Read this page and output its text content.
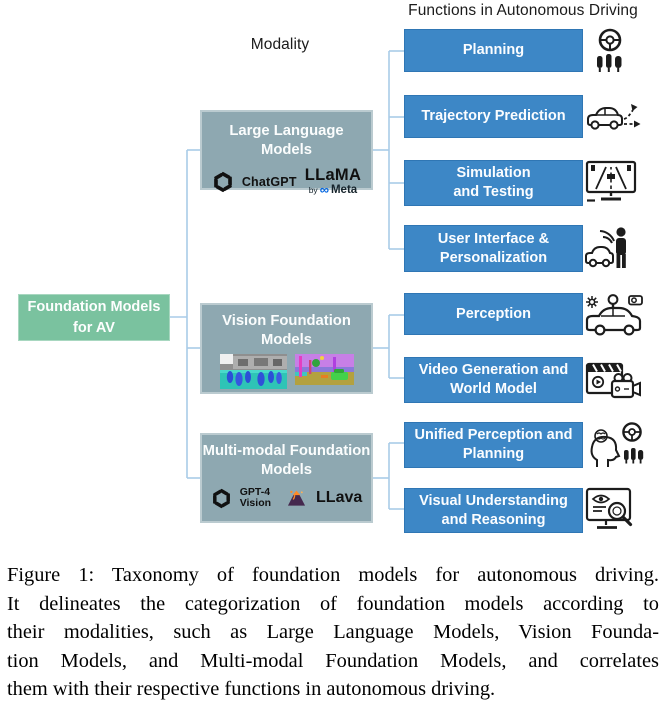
Functions in Autonomous Driving
Modality
Foundation Models
for AV
Large Language Models
ChatGPT LLaMA
by ∞ Meta
Vision Foundation
Models
Multi-modal Foundation
Models
GPT-4
Vision	LLava
Planning
Trajectory Prediction
Simulation
and Testing
User Interface &
Personalization
Perception
Video Generation and
World Model
Unified Perception and
Planning
Visual Understanding
and Reasoning
Figure 1: Taxonomy of foundation models for autonomous driving.
It delineates the categorization of foundation models according to
their modalities, such as Large Language Models, Vision Founda-
tion Models, and Multi-modal Foundation Models, and correlates
them with their respective functions in autonomous driving.
